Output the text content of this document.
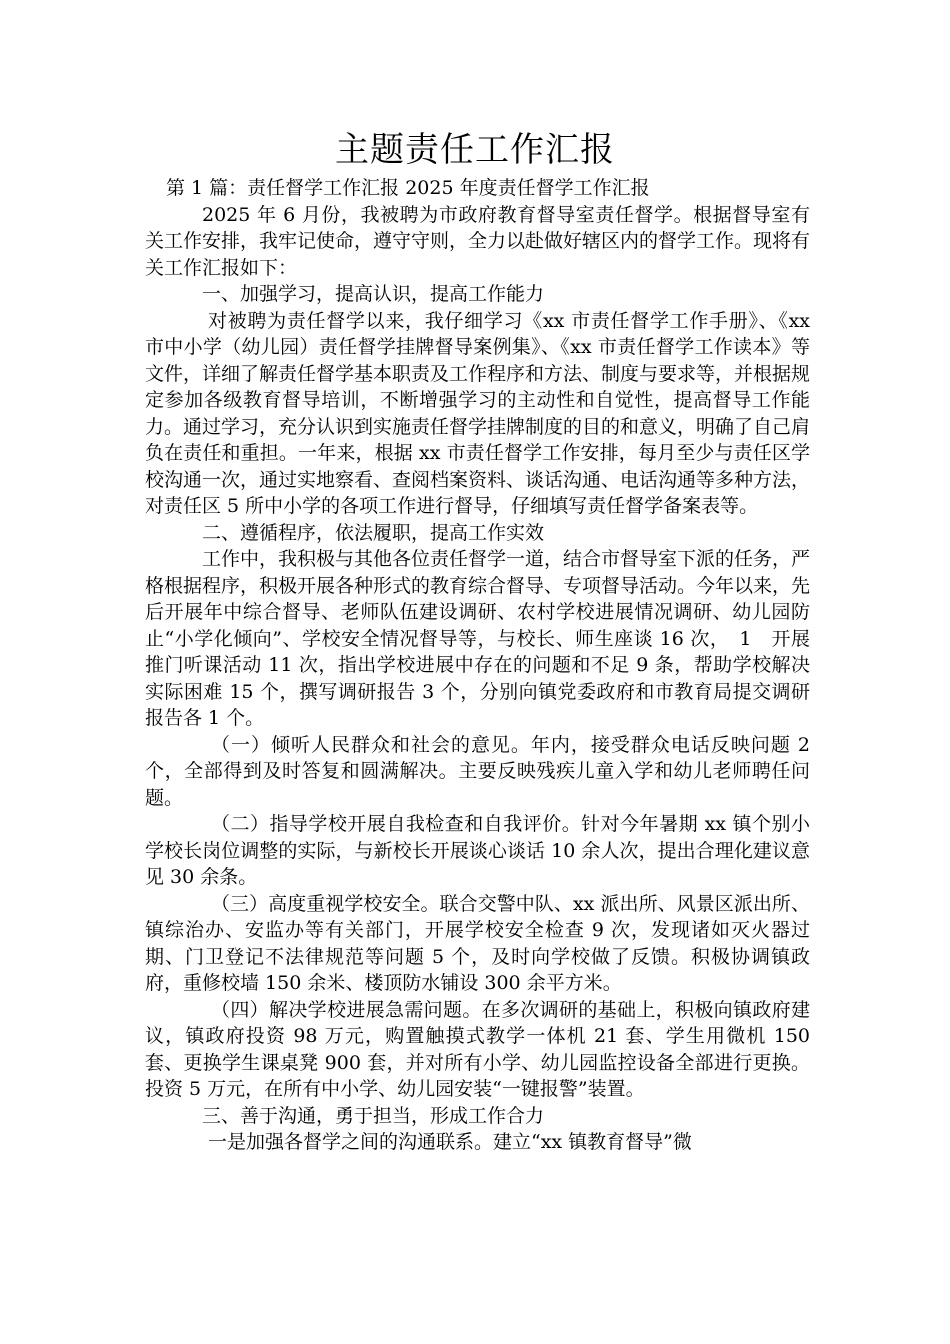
主题责任工作汇报

第 1 篇：责任督学工作汇报 2025 年度责任督学工作汇报

2025 年 6 月份，我被聘为市政府教育督导室责任督学。根据督导室有关工作安排，我牢记使命，遵守守则，全力以赴做好辖区内的督学工作。现将有关工作汇报如下：

一、加强学习，提高认识，提高工作能力

对被聘为责任督学以来，我仔细学习《xx 市责任督学工作手册》、《xx 市中小学（幼儿园）责任督学挂牌督导案例集》、《xx 市责任督学工作读本》等文件，详细了解责任督学基本职责及工作程序和方法、制度与要求等，并根据规定参加各级教育督导培训，不断增强学习的主动性和自觉性，提高督导工作能力。通过学习，充分认识到实施责任督学挂牌制度的目的和意义，明确了自己肩负在责任和重担。一年来，根据 xx 市责任督学工作安排，每月至少与责任区学校沟通一次，通过实地察看、查阅档案资料、谈话沟通、电话沟通等多种方法，对责任区 5 所中小学的各项工作进行督导，仔细填写责任督学备案表等。

二、遵循程序，依法履职，提高工作实效

工作中，我积极与其他各位责任督学一道，结合市督导室下派的任务，严格根据程序，积极开展各种形式的教育综合督导、专项督导活动。今年以来，先后开展年中综合督导、老师队伍建设调研、农村学校进展情况调研、幼儿园防止“小学化倾向”、学校安全情况督导等，与校长、师生座谈 16 次，　1　开展推门听课活动 11 次，指出学校进展中存在的问题和不足 9 条，帮助学校解决实际困难 15 个，撰写调研报告 3 个，分别向镇党委政府和市教育局提交调研报告各 1 个。

（一）倾听人民群众和社会的意见。年内，接受群众电话反映问题 2 个，全部得到及时答复和圆满解决。主要反映残疾儿童入学和幼儿老师聘任问题。

（二）指导学校开展自我检查和自我评价。针对今年暑期 xx 镇个别小学校长岗位调整的实际，与新校长开展谈心谈话 10 余人次，提出合理化建议意见 30 余条。

（三）高度重视学校安全。联合交警中队、xx 派出所、风景区派出所、镇综治办、安监办等有关部门，开展学校安全检查 9 次，发现诸如灭火器过期、门卫登记不法律规范等问题 5 个，及时向学校做了反馈。积极协调镇政府，重修校墙 150 余米、楼顶防水铺设 300 余平方米。

（四）解决学校进展急需问题。在多次调研的基础上，积极向镇政府建议，镇政府投资 98 万元，购置触摸式教学一体机 21 套、学生用微机 150 套、更换学生课桌凳 900 套，并对所有小学、幼儿园监控设备全部进行更换。投资 5 万元，在所有中小学、幼儿园安装“一键报警”装置。

三、善于沟通，勇于担当，形成工作合力

一是加强各督学之间的沟通联系。建立“xx 镇教育督导”微
